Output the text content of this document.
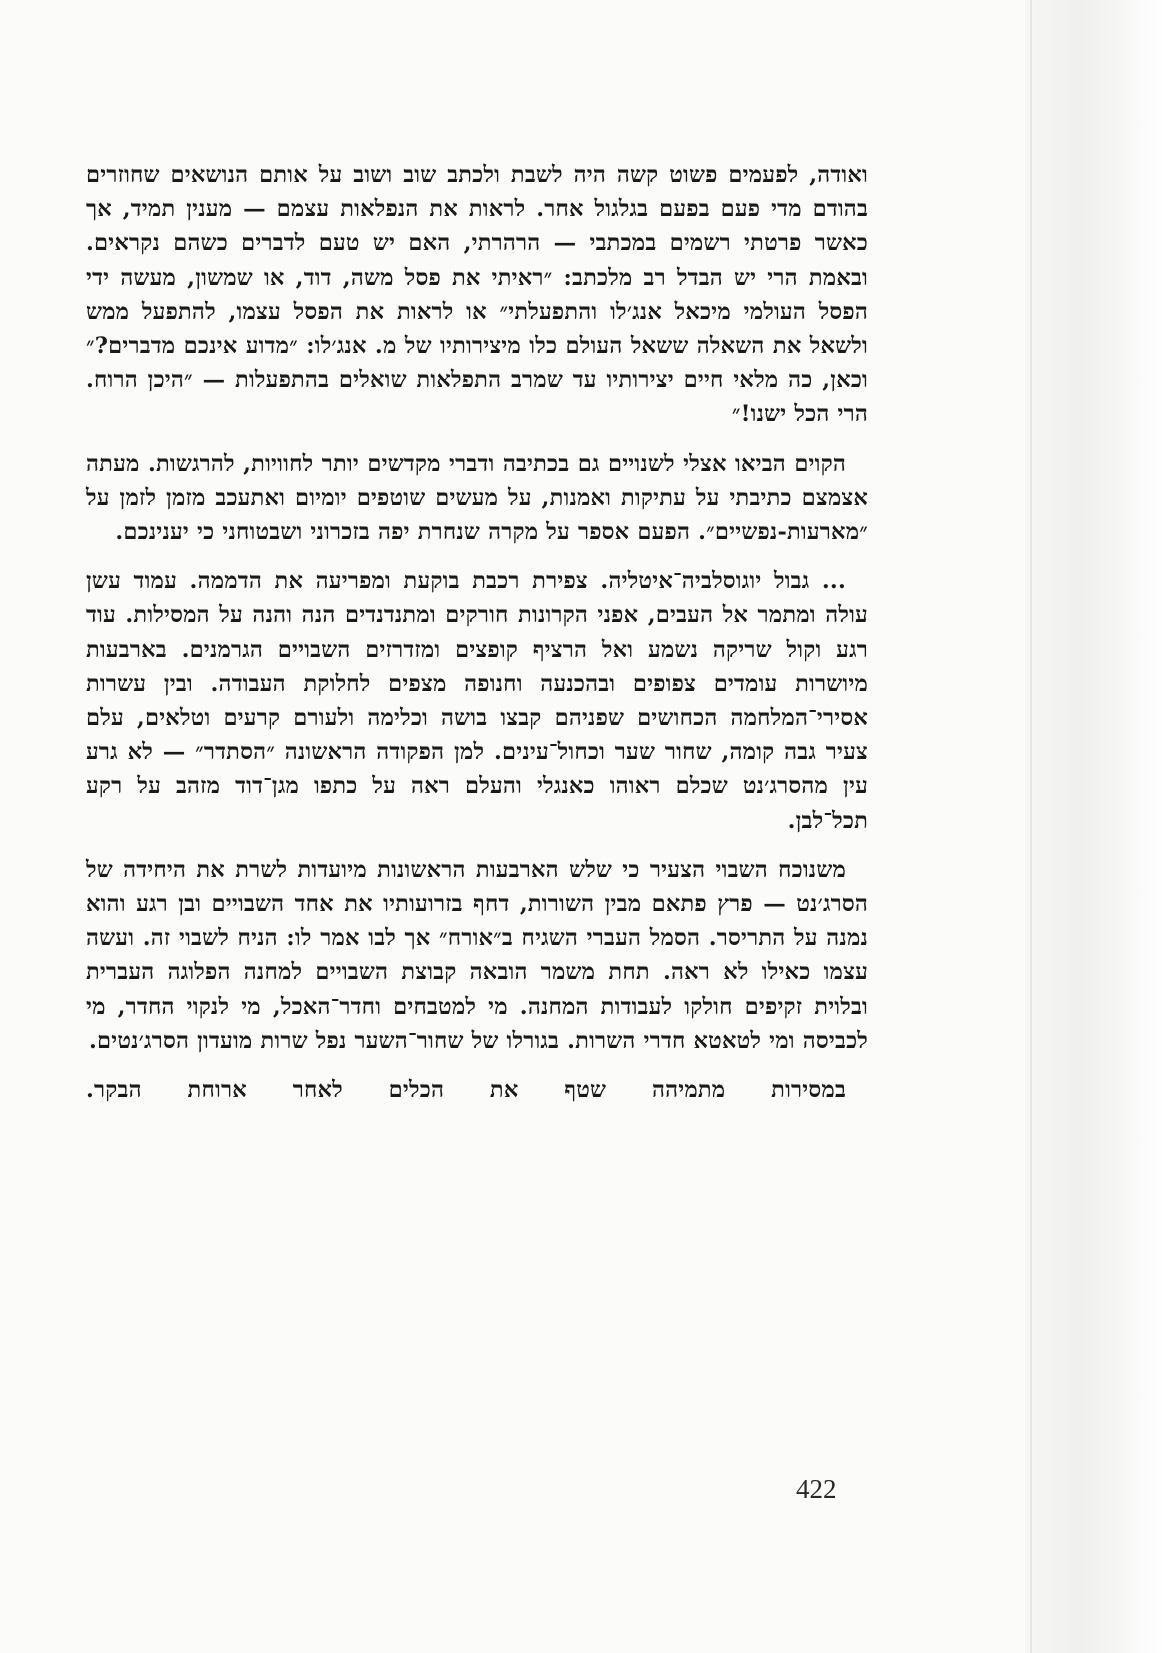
ואודה, לפעמים פשוט קשה היה לשבת ולכתב שוב ושוב על אותם הנושאים שחוזרים בהודם מדי פעם בפעם בגלגול אחר. לראות את הנפלאות עצמם — מענין תמיד, אך כאשר פרטתי רשמים במכתבי — הרהרתי, האם יש טעם לדברים כשהם נקראים. ובאמת הרי יש הבדל רב מלכתב: ״ראיתי את פסל משה, דוד, או שמשון, מעשה ידי הפסל העולמי מיכאל אנג׳לו והתפעלתי״ או לראות את הפסל עצמו, להתפעל ממש ולשאל את השאלה ששאל העולם כלו מיצירותיו של מ. אנג׳לו: ״מדוע אינכם מדברים?״ וכאן, כה מלאי חיים יצירותיו עד שמרב התפלאות שואלים בהתפעלות — ״היכן הרוח. הרי הכל ישנו!״

הקוים הביאו אצלי לשנויים גם בכתיבה ודברי מקדשים יותר לחוויות, להרגשות. מעתה אצמצם כתיבתי על עתיקות ואמנות, על מעשים שוטפים יומיום ואתעכב מזמן לזמן על ״מארעות-נפשיים״. הפעם אספר על מקרה שנחרת יפה בזכרוני ושבטוחני כי יענינכם.

... גבול יוגוסלביה־איטליה. צפירת רכבת בוקעת ומפריעה את הדממה. עמוד עשן עולה ומתמר אל העבים, אפני הקרונות חורקים ומתנדנדים הנה והנה על המסילות. עוד רגע וקול שריקה נשמע ואל הרציף קופצים ומזדרזים השבויים הגרמנים. בארבעות מיושרות עומדים צפופים ובהכנעה וחנופה מצפים לחלוקת העבודה. ובין עשרות אסירי־המלחמה הכחושים שפניהם קבצו בושה וכלימה ולעורם קרעים וטלאים, עלם צעיר גבה קומה, שחור שער וכחול־עינים. למן הפקודה הראשונה ״הסתדר״ — לא גרע עין מהסרג׳נט שכלם ראוהו כאנגלי והעלם ראה על כתפו מגן־דוד מזהב על רקע תכל־לבן.

משנוכח השבוי הצעיר כי שלש הארבעות הראשונות מיועדות לשרת את היחידה של הסרג׳נט — פרץ פתאם מבין השורות, דחף בזרועותיו את אחד השבויים ובן רגע והוא נמנה על התריסר. הסמל העברי השגיח ב״אורח״ אך לבו אמר לו: הניח לשבוי זה. ועשה עצמו כאילו לא ראה. תחת משמר הובאה קבוצת השבויים למחנה הפלוגה העברית ובלוית זקיפים חולקו לעבודות המחנה. מי למטבחים וחדר־האכל, מי לנקוי החדר, מי לכביסה ומי לטאטא חדרי השרות. בגורלו של שחור־השער נפל שרות מועדון הסרג׳נטים.

במסירות מתמיהה שטף את הכלים לאחר ארוחת הבקר.

422
